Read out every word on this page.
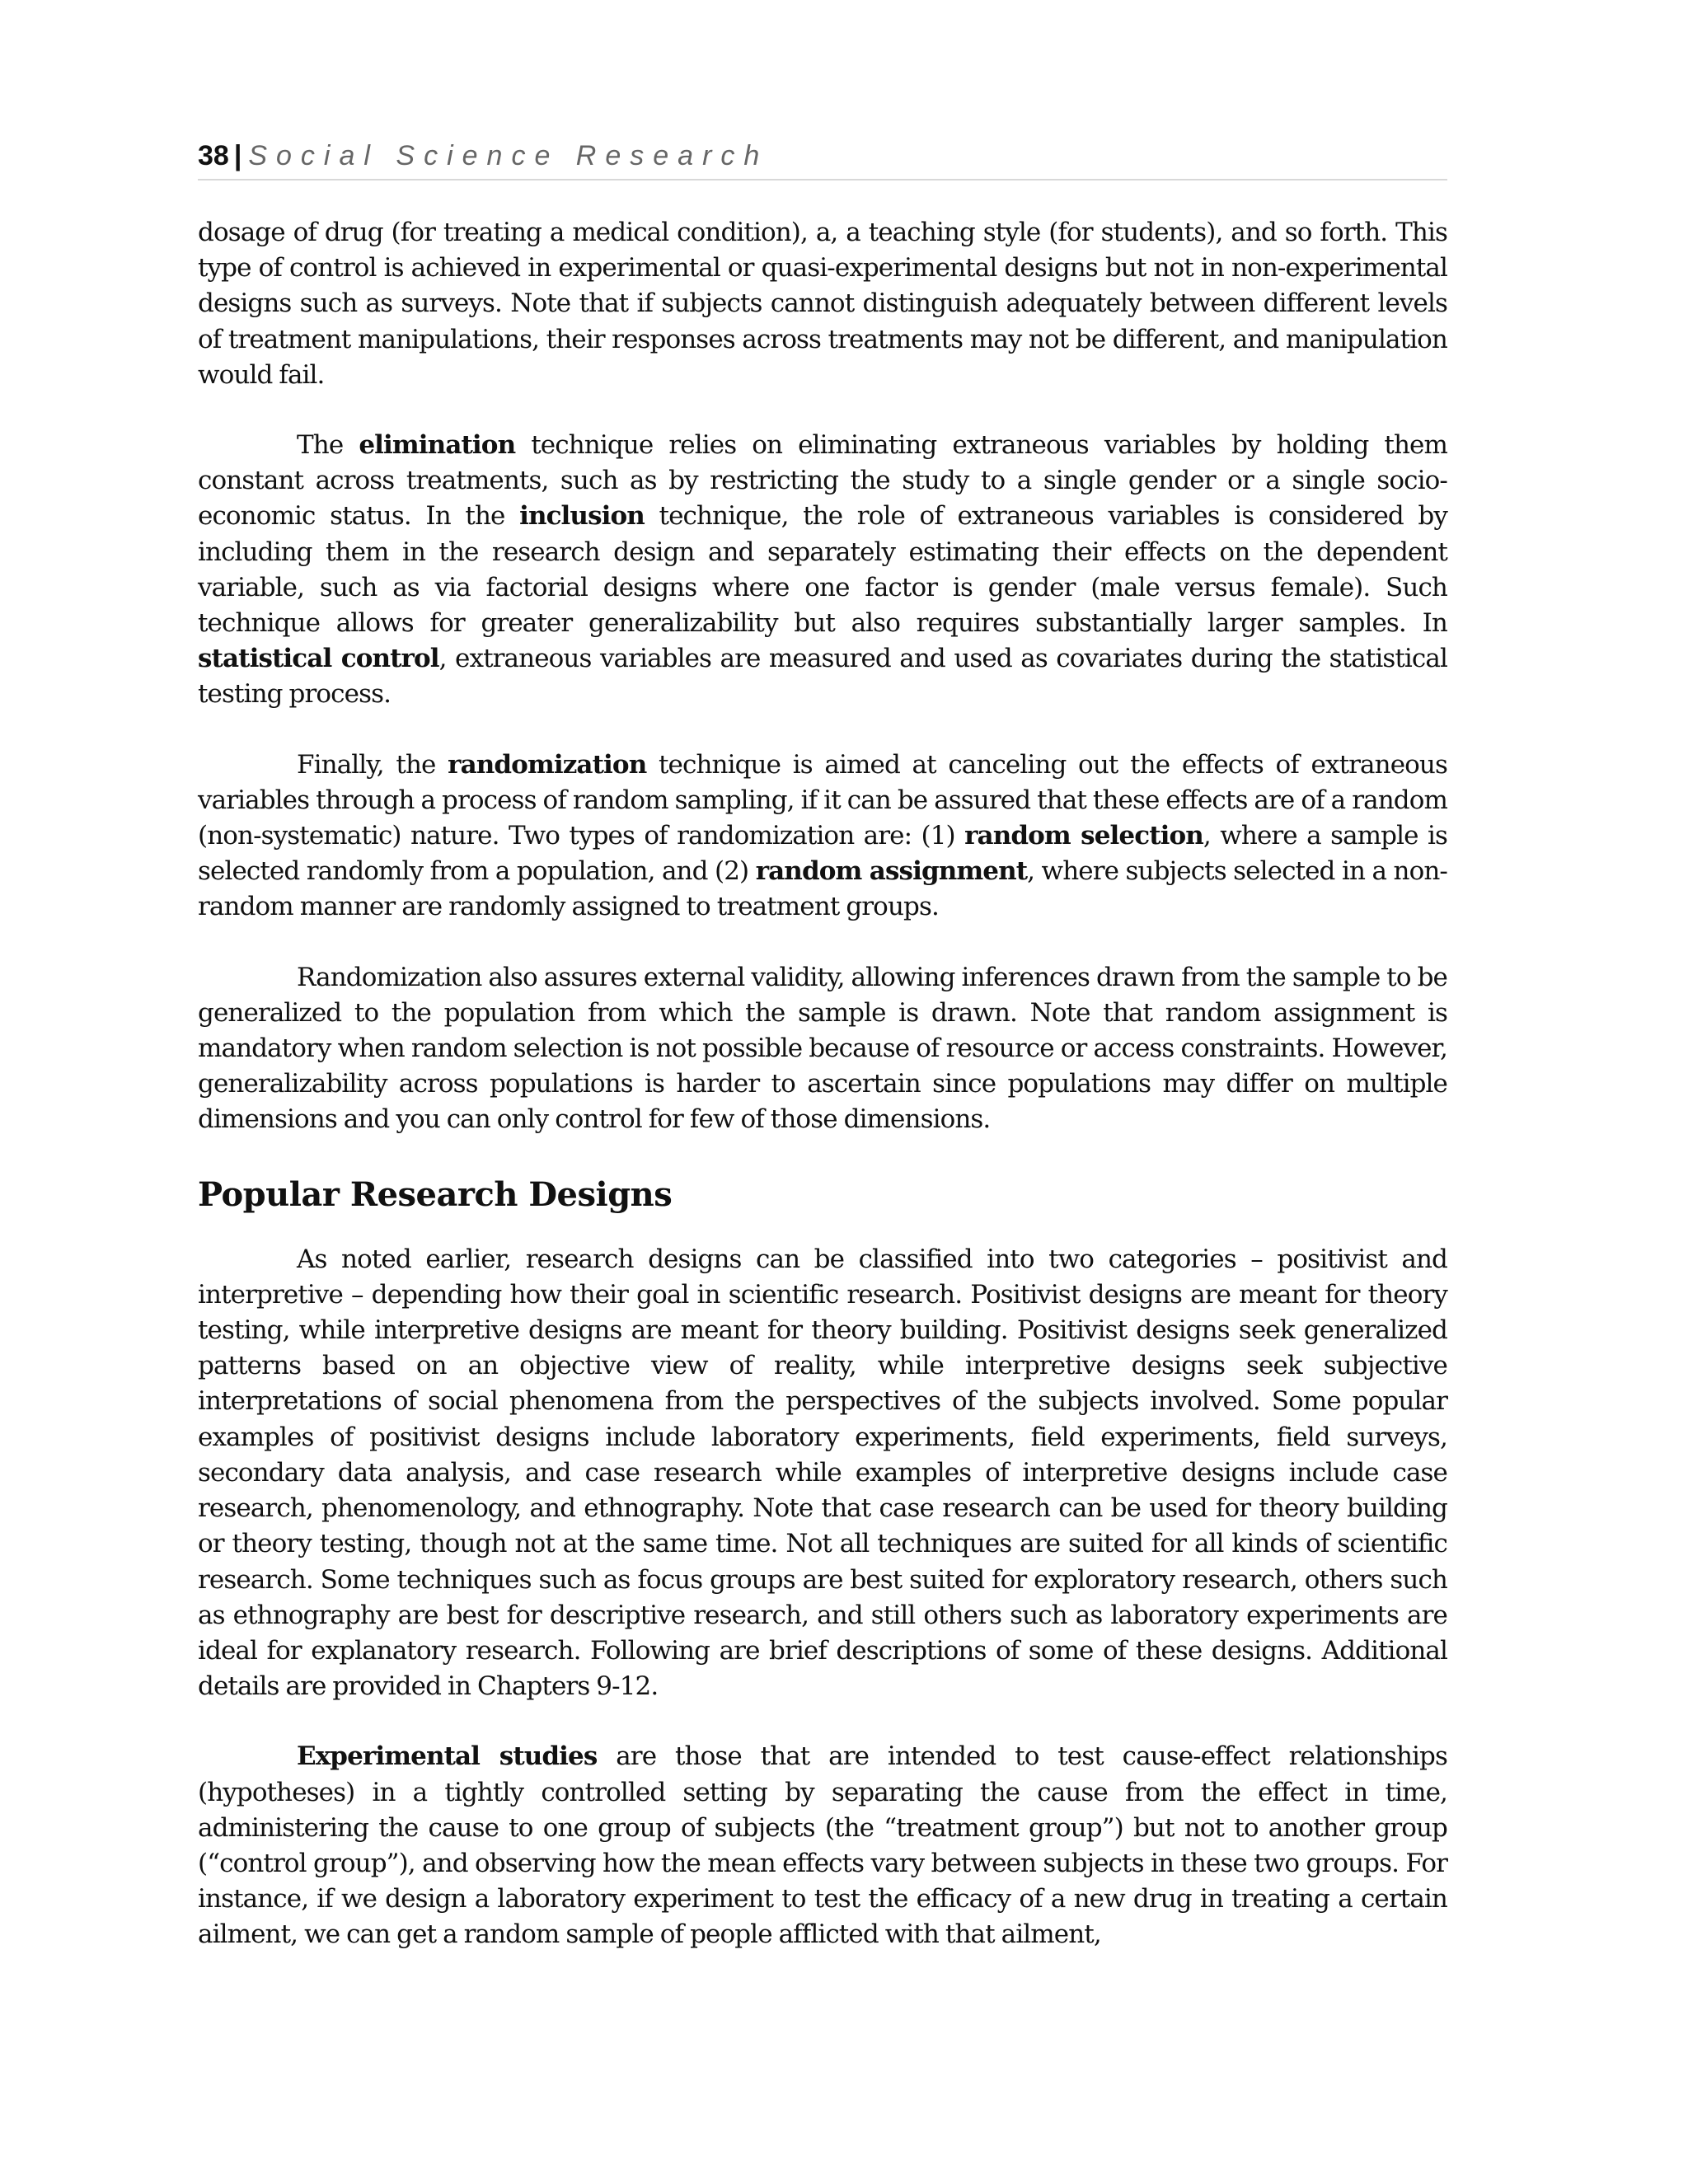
38 | Social Science Research

dosage of drug (for treating a medical condition), a, a teaching style (for students), and so forth. This type of control is achieved in experimental or quasi-experimental designs but not in non-experimental designs such as surveys. Note that if subjects cannot distinguish adequately between different levels of treatment manipulations, their responses across treatments may not be different, and manipulation would fail.

The elimination technique relies on eliminating extraneous variables by holding them constant across treatments, such as by restricting the study to a single gender or a single socio-economic status. In the inclusion technique, the role of extraneous variables is considered by including them in the research design and separately estimating their effects on the dependent variable, such as via factorial designs where one factor is gender (male versus female). Such technique allows for greater generalizability but also requires substantially larger samples. In statistical control, extraneous variables are measured and used as covariates during the statistical testing process.

Finally, the randomization technique is aimed at canceling out the effects of extraneous variables through a process of random sampling, if it can be assured that these effects are of a random (non-systematic) nature. Two types of randomization are: (1) random selection, where a sample is selected randomly from a population, and (2) random assignment, where subjects selected in a non-random manner are randomly assigned to treatment groups.

Randomization also assures external validity, allowing inferences drawn from the sample to be generalized to the population from which the sample is drawn. Note that random assignment is mandatory when random selection is not possible because of resource or access constraints. However, generalizability across populations is harder to ascertain since populations may differ on multiple dimensions and you can only control for few of those dimensions.

Popular Research Designs

As noted earlier, research designs can be classified into two categories – positivist and interpretive – depending how their goal in scientific research. Positivist designs are meant for theory testing, while interpretive designs are meant for theory building. Positivist designs seek generalized patterns based on an objective view of reality, while interpretive designs seek subjective interpretations of social phenomena from the perspectives of the subjects involved. Some popular examples of positivist designs include laboratory experiments, field experiments, field surveys, secondary data analysis, and case research while examples of interpretive designs include case research, phenomenology, and ethnography. Note that case research can be used for theory building or theory testing, though not at the same time. Not all techniques are suited for all kinds of scientific research. Some techniques such as focus groups are best suited for exploratory research, others such as ethnography are best for descriptive research, and still others such as laboratory experiments are ideal for explanatory research. Following are brief descriptions of some of these designs. Additional details are provided in Chapters 9-12.

Experimental studies are those that are intended to test cause-effect relationships (hypotheses) in a tightly controlled setting by separating the cause from the effect in time, administering the cause to one group of subjects (the “treatment group”) but not to another group (“control group”), and observing how the mean effects vary between subjects in these two groups. For instance, if we design a laboratory experiment to test the efficacy of a new drug in treating a certain ailment, we can get a random sample of people afflicted with that ailment,
